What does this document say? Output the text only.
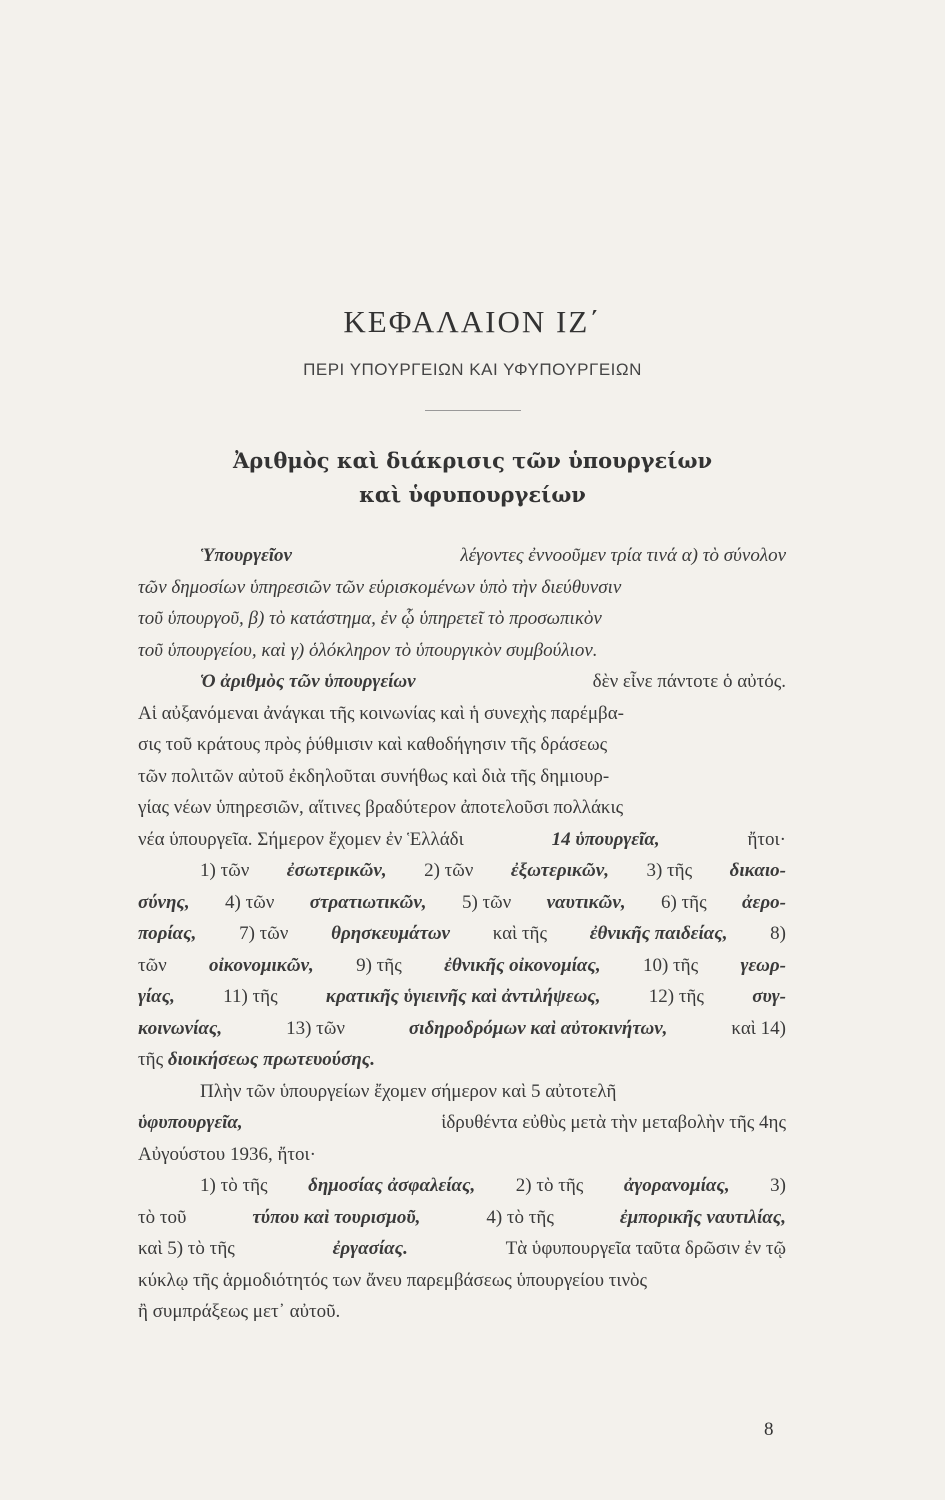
ΚΕΦΑΛΑΙΟΝ ΙΖ΄
ΠΕΡΙ ΥΠΟΥΡΓΕΙΩΝ ΚΑΙ ΥΦΥΠΟΥΡΓΕΙΩΝ
Ἀριθμὸς καὶ διάκρισις τῶν ὑπουργείων
καὶ ὑφυπουργείων
Ὑπουργεῖον	λέγοντες ἐννοοῦμεν τρία τινά α) τὸ σύνολον
τῶν δημοσίων ὑπηρεσιῶν τῶν εὑρισκομένων ὑπὸ τὴν διεύθυνσιν
τοῦ ὑπουργοῦ, β) τὸ κατάστημα, ἐν ᾧ ὑπηρετεῖ τὸ προσωπικὸν
τοῦ ὑπουργείου, καὶ γ) ὁλόκληρον τὸ ὑπουργικὸν συμβούλιον.
Ὁ ἀριθμὸς τῶν ὑπουργείων	δὲν εἶνε πάντοτε ὁ αὐτός.
Αἱ αὐξανόμεναι ἀνάγκαι τῆς κοινωνίας καὶ ἡ συνεχὴς παρέμβα-
σις τοῦ κράτους πρὸς ῥύθμισιν καὶ καθοδήγησιν τῆς δράσεως
τῶν πολιτῶν αὐτοῦ ἐκδηλοῦται συνήθως καὶ διὰ τῆς δημιουρ-
γίας νέων ὑπηρεσιῶν, αἵτινες βραδύτερον ἀποτελοῦσι πολλάκις
νέα ὑπουργεῖα. Σήμερον ἔχομεν ἐν Ἑλλάδι	14 ὑπουργεῖα,	ἤτοι·
1) τῶν ἐσωτερικῶν, 2) τῶν ἐξωτερικῶν, 3) τῆς δικαιο-
σύνης, 4) τῶν στρατιωτικῶν, 5) τῶν ναυτικῶν, 6) τῆς ἀερο-
πορίας, 7) τῶν θρησκευμάτων καὶ τῆς ἐθνικῆς παιδείας, 8)
τῶν οἰκονομικῶν, 9) τῆς ἐθνικῆς οἰκονομίας, 10) τῆς γεωρ-
γίας,	11) τῆς	κρατικῆς ὑγιεινῆς καὶ ἀντιλήψεως,	12) τῆς	συγ-
κοινωνίας,	13) τῶν	σιδηροδρόμων καὶ αὐτοκινήτων,	καὶ 14)
τῆς διοικήσεως πρωτευούσης.
Πλὴν τῶν ὑπουργείων ἔχομεν σήμερον καὶ 5 αὐτοτελῆ
ὑφυπουργεῖα,	ἱδρυθέντα εὐθὺς μετὰ τὴν μεταβολὴν τῆς 4ης
Αὐγούστου 1936, ἤτοι·
1) τὸ τῆς δημοσίας ἀσφαλείας, 2) τὸ τῆς ἀγορανομίας, 3)
τὸ τοῦ	τύπου καὶ τουρισμοῦ,	4) τὸ τῆς	ἐμπορικῆς ναυτιλίας,
καὶ 5) τὸ τῆς	ἐργασίας.	Τὰ ὑφυπουργεῖα ταῦτα δρῶσιν ἐν τῷ
κύκλῳ τῆς ἁρμοδιότητός των ἄνευ παρεμβάσεως ὑπουργείου τινὸς
ἢ συμπράξεως μετ᾽ αὐτοῦ.
8
